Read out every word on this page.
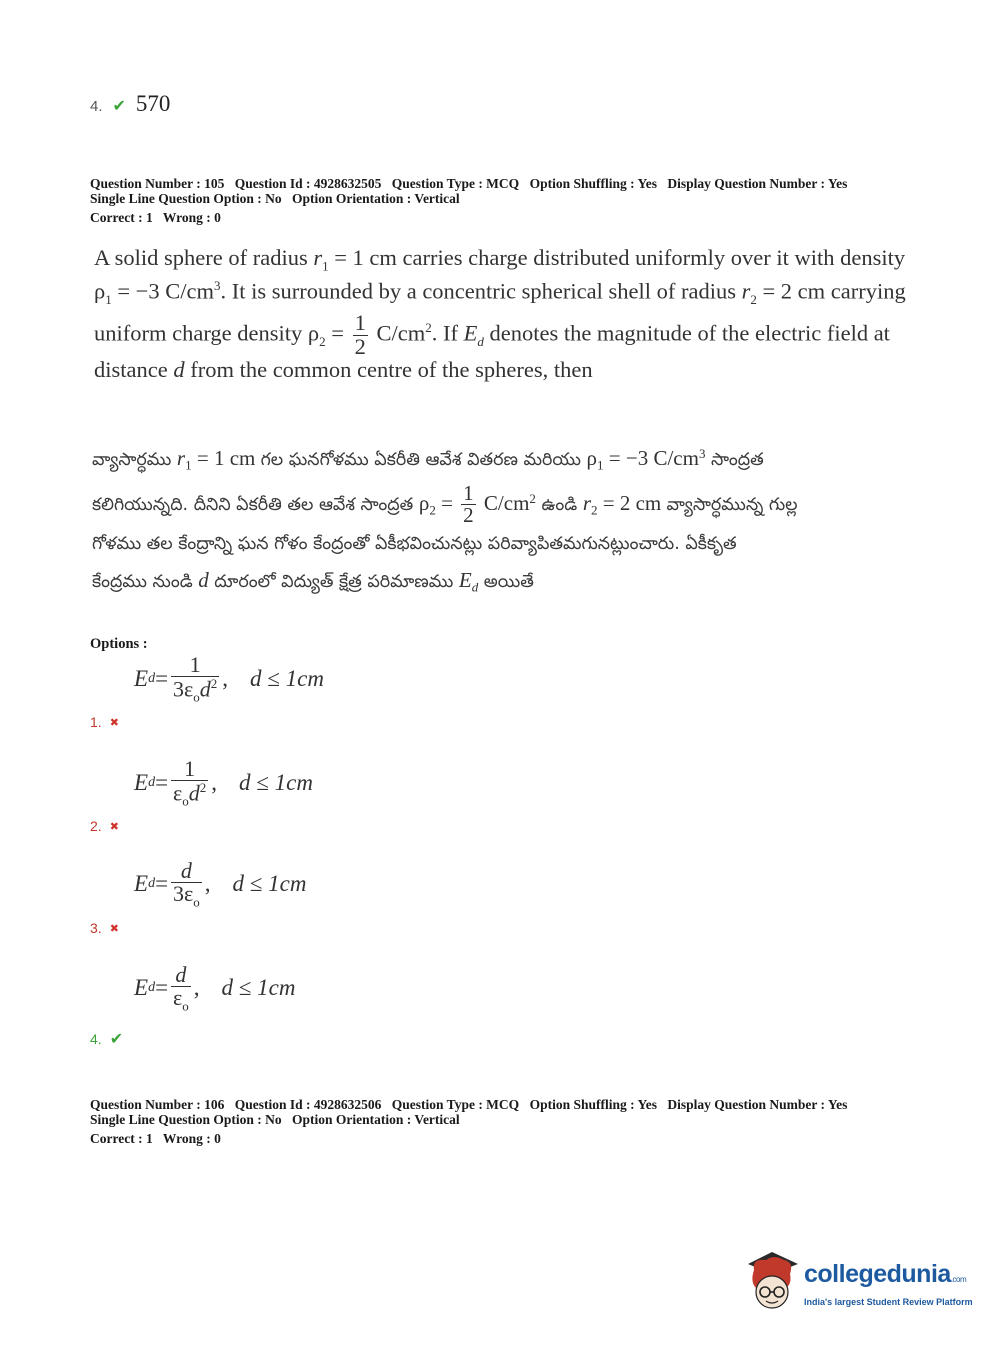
4. ✔ 570
Question Number : 105 Question Id : 4928632505 Question Type : MCQ Option Shuffling : Yes Display Question Number : Yes
Single Line Question Option : No Option Orientation : Vertical
Correct : 1 Wrong : 0
A solid sphere of radius $r_1 = 1$ cm carries charge distributed uniformly over it with density
$\rho_1 = -3$ $C/cm^3$. It is surrounded by a concentric spherical shell of radius $r_2 = 2$ cm carrying
uniform charge density $\rho_2 = \frac{1}{2} C/cm^2$. If $E_d$ denotes the magnitude of the electric field at
distance d from the common centre of the spheres, then
వ్యాసార్ధము $r_1 = 1$ cm గల ఘనగోళము ఏకరీతి ఆవేశ వితరణ మరియు $\rho_1 = -3$ $C/cm^3$ సాంద్రత
కలిగియున్నది. దీనిని ఏకరీతి తల ఆవేశ సాంద్రత $\rho_2 = \frac{1}{2} C/cm^2$ ఉండి $r_2 = 2$ cm వ్యాసార్ధమున్న గుల్ల
గోళము తల కేంద్రాన్ని ఘన గోళం కేంద్రంతో ఏకీభవించునట్లు పరివ్యాపితమగునట్లుంచారు. ఏకీకృత
కేంద్రము నుండి d దూరంలో విద్యుత్ క్షేత్ర పరిమాణము $E_d$ అయితే
Options :
E $d = \frac{1}{3\varepsilon_od^2}$ , d ≤ 1cm
1. ✖
E $d = \frac{1}{\varepsilon_od^2}$ , d ≤ 1cm
2. ✖
E $d = \frac{d}{3\varepsilon_o}$ , d ≤ 1cm
3. ✖
E $d = \frac{d}{\varepsilon_o}$ , d ≤ 1cm
4. ✔
Question Number : 106 Question Id : 4928632506 Question Type : MCQ Option Shuffling : Yes Display Question Number : Yes
Single Line Question Option : No Option Orientation : Vertical
Correct : 1 Wrong : 0
collegedunia.com
India's largest Student Review Platform
